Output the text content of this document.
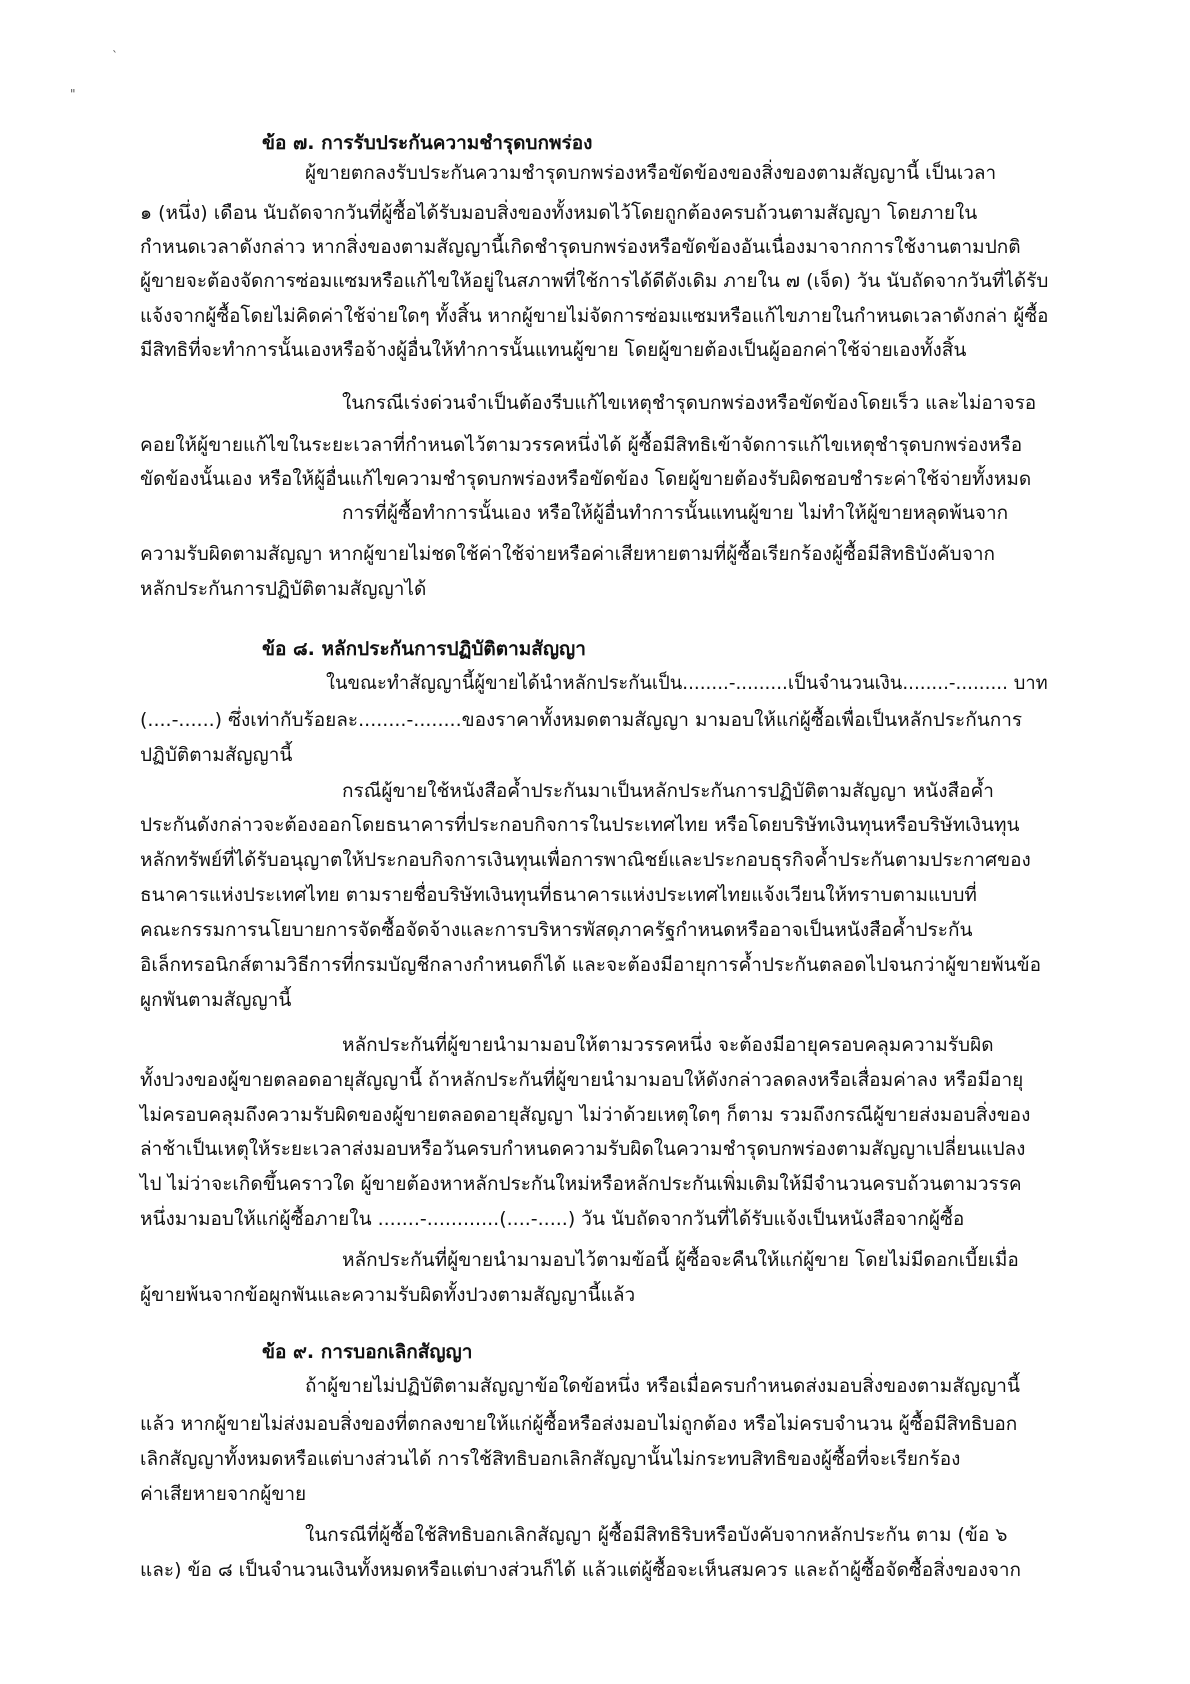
`
"
ข้อ ๗. การรับประกันความชำรุดบกพร่อง
ผู้ขายตกลงรับประกันความชำรุดบกพร่องหรือขัดข้องของสิ่งของตามสัญญานี้ เป็นเวลา
๑ (หนึ่ง) เดือน นับถัดจากวันที่ผู้ซื้อได้รับมอบสิ่งของทั้งหมดไว้โดยถูกต้องครบถ้วนตามสัญญา โดยภายใน
กำหนดเวลาดังกล่าว หากสิ่งของตามสัญญานี้เกิดชำรุดบกพร่องหรือขัดข้องอันเนื่องมาจากการใช้งานตามปกติ
ผู้ขายจะต้องจัดการซ่อมแซมหรือแก้ไขให้อยู่ในสภาพที่ใช้การได้ดีดังเดิม ภายใน ๗ (เจ็ด) วัน นับถัดจากวันที่ได้รับ
แจ้งจากผู้ซื้อโดยไม่คิดค่าใช้จ่ายใดๆ ทั้งสิ้น หากผู้ขายไม่จัดการซ่อมแซมหรือแก้ไขภายในกำหนดเวลาดังกล่า ผู้ซื้อ
มีสิทธิที่จะทำการนั้นเองหรือจ้างผู้อื่นให้ทำการนั้นแทนผู้ขาย โดยผู้ขายต้องเป็นผู้ออกค่าใช้จ่ายเองทั้งสิ้น
ในกรณีเร่งด่วนจำเป็นต้องรีบแก้ไขเหตุชำรุดบกพร่องหรือขัดข้องโดยเร็ว และไม่อาจรอ
คอยให้ผู้ขายแก้ไขในระยะเวลาที่กำหนดไว้ตามวรรคหนึ่งได้ ผู้ซื้อมีสิทธิเข้าจัดการแก้ไขเหตุชำรุดบกพร่องหรือ
ขัดข้องนั้นเอง หรือให้ผู้อื่นแก้ไขความชำรุดบกพร่องหรือขัดข้อง โดยผู้ขายต้องรับผิดชอบชำระค่าใช้จ่ายทั้งหมด
การที่ผู้ซื้อทำการนั้นเอง หรือให้ผู้อื่นทำการนั้นแทนผู้ขาย ไม่ทำให้ผู้ขายหลุดพ้นจาก
ความรับผิดตามสัญญา หากผู้ขายไม่ชดใช้ค่าใช้จ่ายหรือค่าเสียหายตามที่ผู้ซื้อเรียกร้องผู้ซื้อมีสิทธิบังคับจาก
หลักประกันการปฏิบัติตามสัญญาได้
ข้อ ๘. หลักประกันการปฏิบัติตามสัญญา
ในขณะทำสัญญานี้ผู้ขายได้นำหลักประกันเป็น........-.........เป็นจำนวนเงิน........-......... บาท
(....-......) ซึ่งเท่ากับร้อยละ........-........ของราคาทั้งหมดตามสัญญา มามอบให้แก่ผู้ซื้อเพื่อเป็นหลักประกันการ
ปฏิบัติตามสัญญานี้
กรณีผู้ขายใช้หนังสือค้ำประกันมาเป็นหลักประกันการปฏิบัติตามสัญญา หนังสือค้ำ
ประกันดังกล่าวจะต้องออกโดยธนาคารที่ประกอบกิจการในประเทศไทย หรือโดยบริษัทเงินทุนหรือบริษัทเงินทุน
หลักทรัพย์ที่ได้รับอนุญาตให้ประกอบกิจการเงินทุนเพื่อการพาณิชย์และประกอบธุรกิจค้ำประกันตามประกาศของ
ธนาคารแห่งประเทศไทย ตามรายชื่อบริษัทเงินทุนที่ธนาคารแห่งประเทศไทยแจ้งเวียนให้ทราบตามแบบที่
คณะกรรมการนโยบายการจัดซื้อจัดจ้างและการบริหารพัสดุภาครัฐกำหนดหรืออาจเป็นหนังสือค้ำประกัน
อิเล็กทรอนิกส์ตามวิธีการที่กรมบัญชีกลางกำหนดก็ได้ และจะต้องมีอายุการค้ำประกันตลอดไปจนกว่าผู้ขายพ้นข้อ
ผูกพันตามสัญญานี้
หลักประกันที่ผู้ขายนำมามอบให้ตามวรรคหนึ่ง จะต้องมีอายุครอบคลุมความรับผิด
ทั้งปวงของผู้ขายตลอดอายุสัญญานี้ ถ้าหลักประกันที่ผู้ขายนำมามอบให้ดังกล่าวลดลงหรือเสื่อมค่าลง หรือมีอายุ
ไม่ครอบคลุมถึงความรับผิดของผู้ขายตลอดอายุสัญญา ไม่ว่าด้วยเหตุใดๆ ก็ตาม รวมถึงกรณีผู้ขายส่งมอบสิ่งของ
ล่าช้าเป็นเหตุให้ระยะเวลาส่งมอบหรือวันครบกำหนดความรับผิดในความชำรุดบกพร่องตามสัญญาเปลี่ยนแปลง
ไป ไม่ว่าจะเกิดขึ้นคราวใด ผู้ขายต้องหาหลักประกันใหม่หรือหลักประกันเพิ่มเติมให้มีจำนวนครบถ้วนตามวรรค
หนึ่งมามอบให้แก่ผู้ซื้อภายใน .......-............(....-.....) วัน นับถัดจากวันที่ได้รับแจ้งเป็นหนังสือจากผู้ซื้อ
หลักประกันที่ผู้ขายนำมามอบไว้ตามข้อนี้ ผู้ซื้อจะคืนให้แก่ผู้ขาย โดยไม่มีดอกเบี้ยเมื่อ
ผู้ขายพ้นจากข้อผูกพันและความรับผิดทั้งปวงตามสัญญานี้แล้ว
ข้อ ๙. การบอกเลิกสัญญา
ถ้าผู้ขายไม่ปฏิบัติตามสัญญาข้อใดข้อหนึ่ง หรือเมื่อครบกำหนดส่งมอบสิ่งของตามสัญญานี้
แล้ว หากผู้ขายไม่ส่งมอบสิ่งของที่ตกลงขายให้แก่ผู้ซื้อหรือส่งมอบไม่ถูกต้อง หรือไม่ครบจำนวน ผู้ซื้อมีสิทธิบอก
เลิกสัญญาทั้งหมดหรือแต่บางส่วนได้ การใช้สิทธิบอกเลิกสัญญานั้นไม่กระทบสิทธิของผู้ซื้อที่จะเรียกร้อง
ค่าเสียหายจากผู้ขาย
ในกรณีที่ผู้ซื้อใช้สิทธิบอกเลิกสัญญา ผู้ซื้อมีสิทธิริบหรือบังคับจากหลักประกัน ตาม (ข้อ ๖
และ) ข้อ ๘ เป็นจำนวนเงินทั้งหมดหรือแต่บางส่วนก็ได้ แล้วแต่ผู้ซื้อจะเห็นสมควร และถ้าผู้ซื้อจัดซื้อสิ่งของจาก
